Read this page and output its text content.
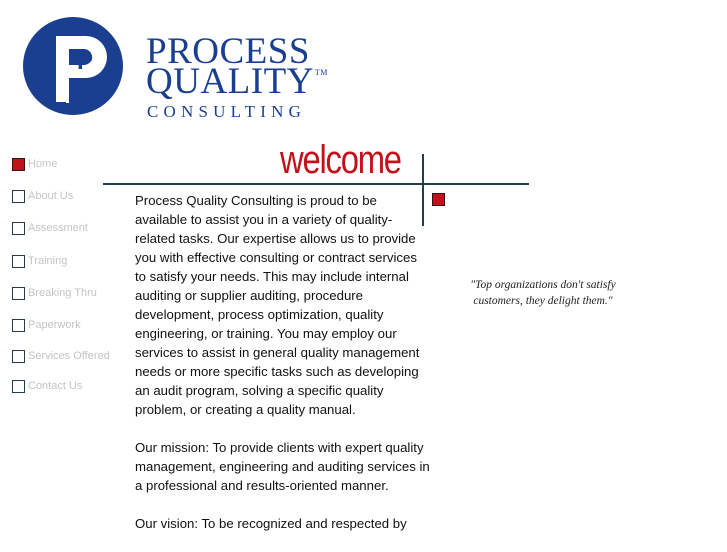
P PROCESS
QUALITY™
CONSULTING
Home
About Us
Assessment
Training
Breaking Thru
Paperwork
Services Offered
Contact Us
welcome

Process Quality Consulting is proud to be available to assist you in a variety of quality-related tasks. Our expertise allows us to provide you with effective consulting or contract services to satisfy your needs. This may include internal auditing or supplier auditing, procedure development, process optimization, quality engineering, or training. You may employ our services to assist in general quality management needs or more specific tasks such as developing an audit program, solving a specific quality problem, or creating a quality manual.

Our mission: To provide clients with expert quality management, engineering and auditing services in a professional and results-oriented manner.

Our vision: To be recognized and respected by

"Top organizations don't satisfy
customers, they delight them."
